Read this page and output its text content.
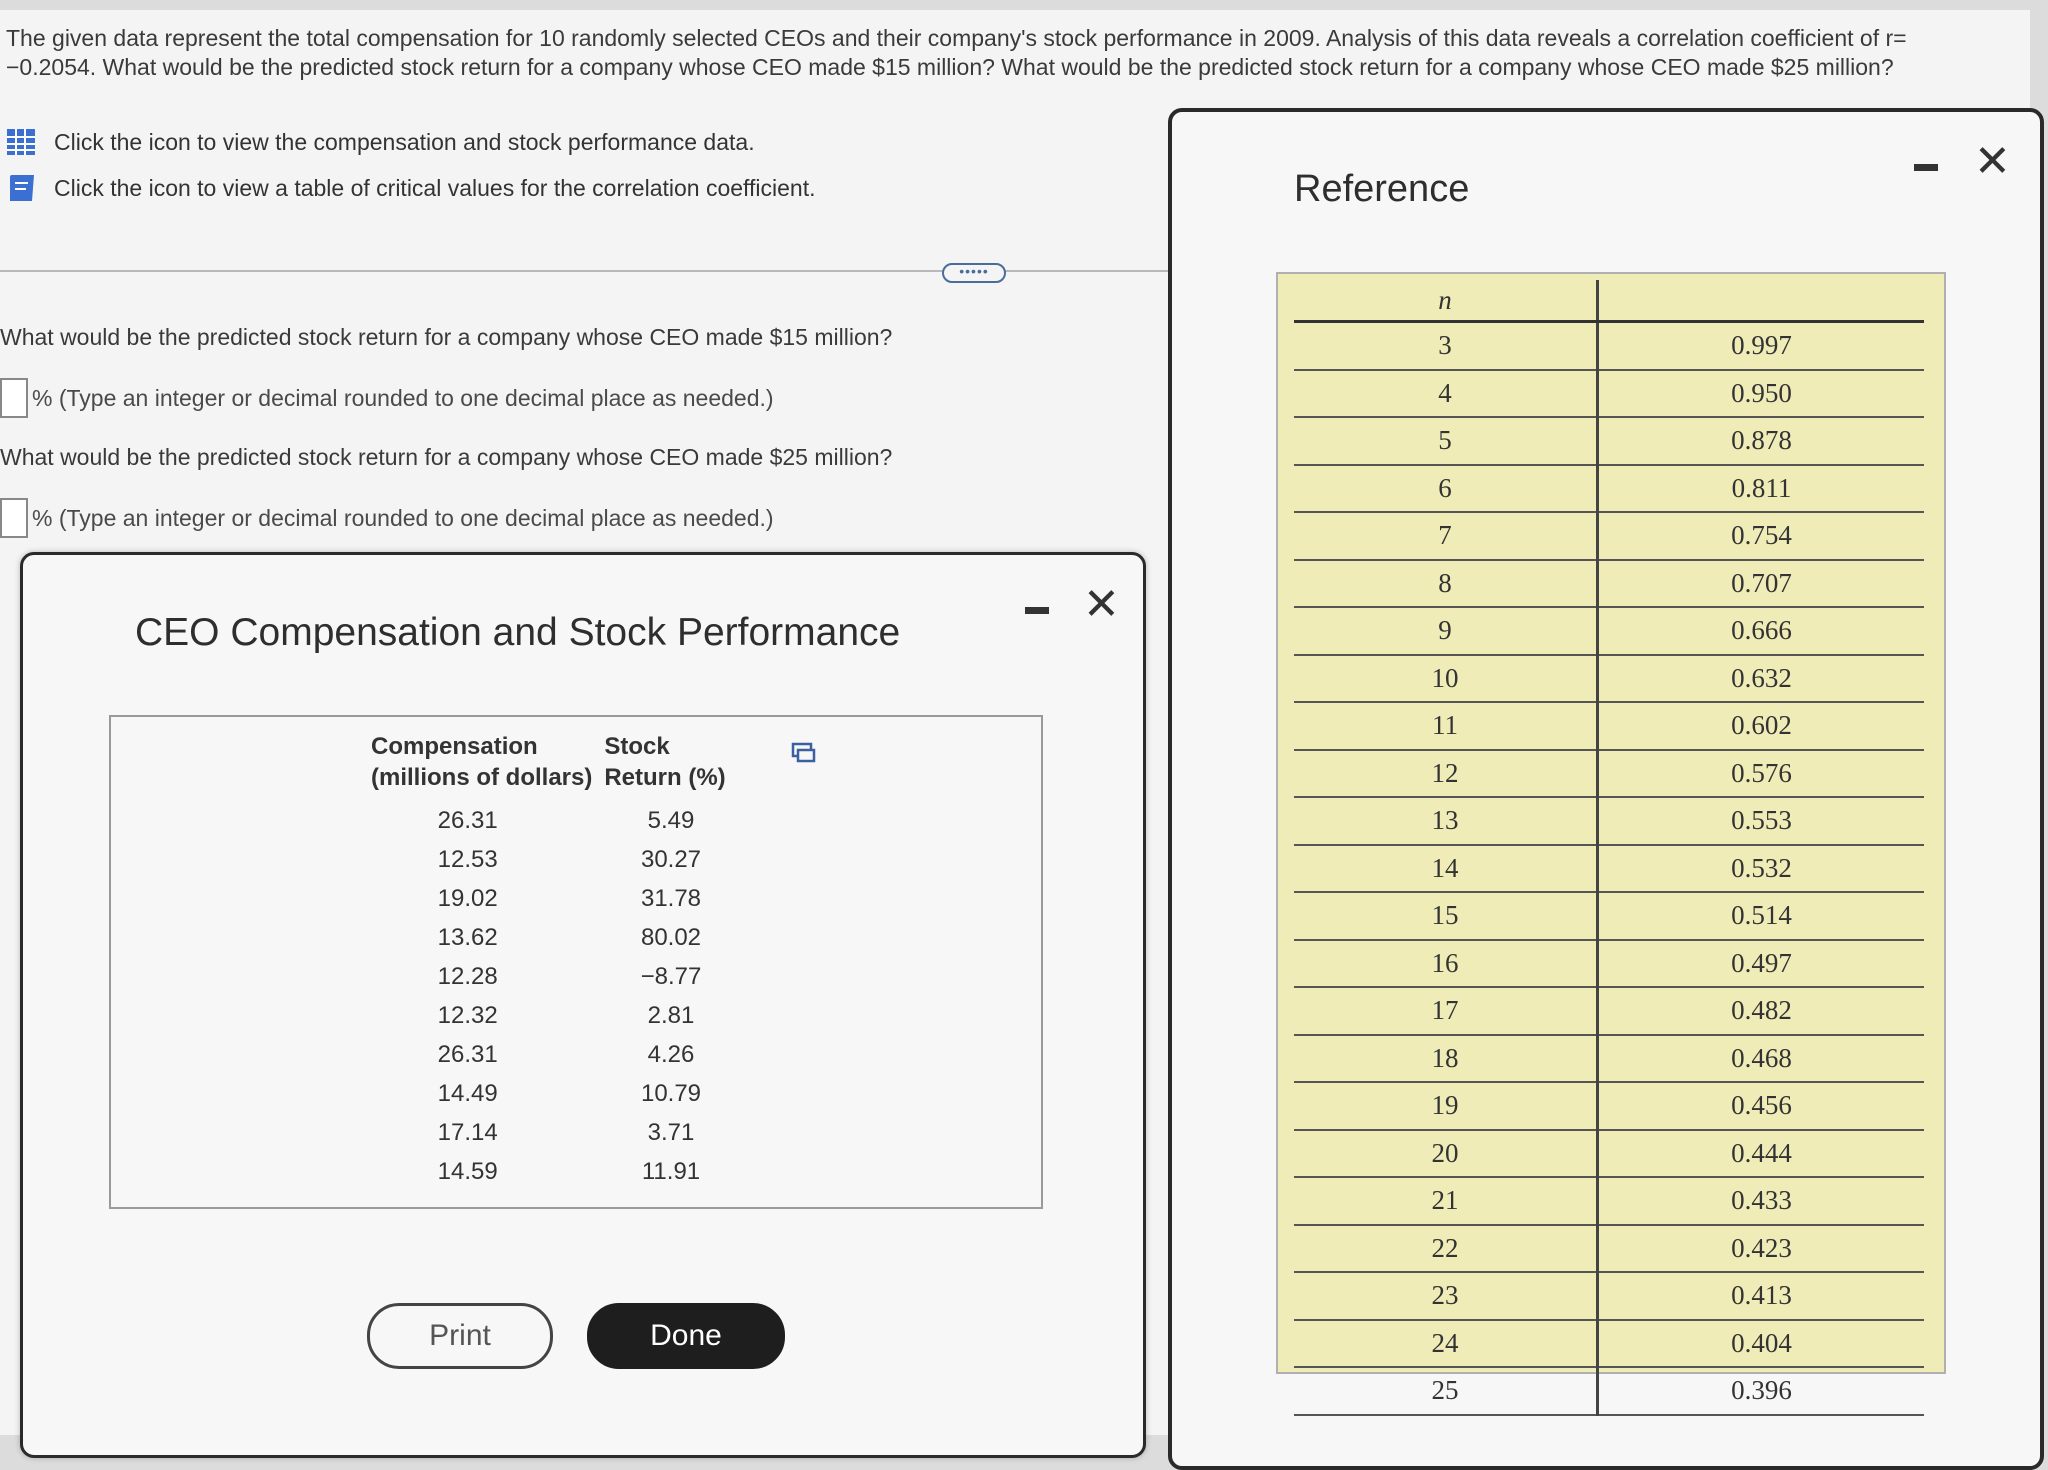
The given data represent the total compensation for 10 randomly selected CEOs and their company's stock performance in 2009. Analysis of this data reveals a correlation coefficient of r= −0.2054. What would be the predicted stock return for a company whose CEO made $15 million? What would be the predicted stock return for a company whose CEO made $25 million?
Click the icon to view the compensation and stock performance data.
Click the icon to view a table of critical values for the correlation coefficient.
•••••
What would be the predicted stock return for a company whose CEO made $15 million?
% (Type an integer or decimal rounded to one decimal place as needed.)
What would be the predicted stock return for a company whose CEO made $25 million?
% (Type an integer or decimal rounded to one decimal place as needed.)
CEO Compensation and Stock Performance
✕
Compensation
(millions of dollars)	Stock
Return (%)
26.31	5.49
12.53	30.27
19.02	31.78
13.62	80.02
12.28	−8.77
12.32	2.81
26.31	4.26
14.49	10.79
17.14	3.71
14.59	11.91
Print	Done
Reference
✕
n	
3	0.997
4	0.950
5	0.878
6	0.811
7	0.754
8	0.707
9	0.666
10	0.632
11	0.602
12	0.576
13	0.553
14	0.532
15	0.514
16	0.497
17	0.482
18	0.468
19	0.456
20	0.444
21	0.433
22	0.423
23	0.413
24	0.404
25	0.396
